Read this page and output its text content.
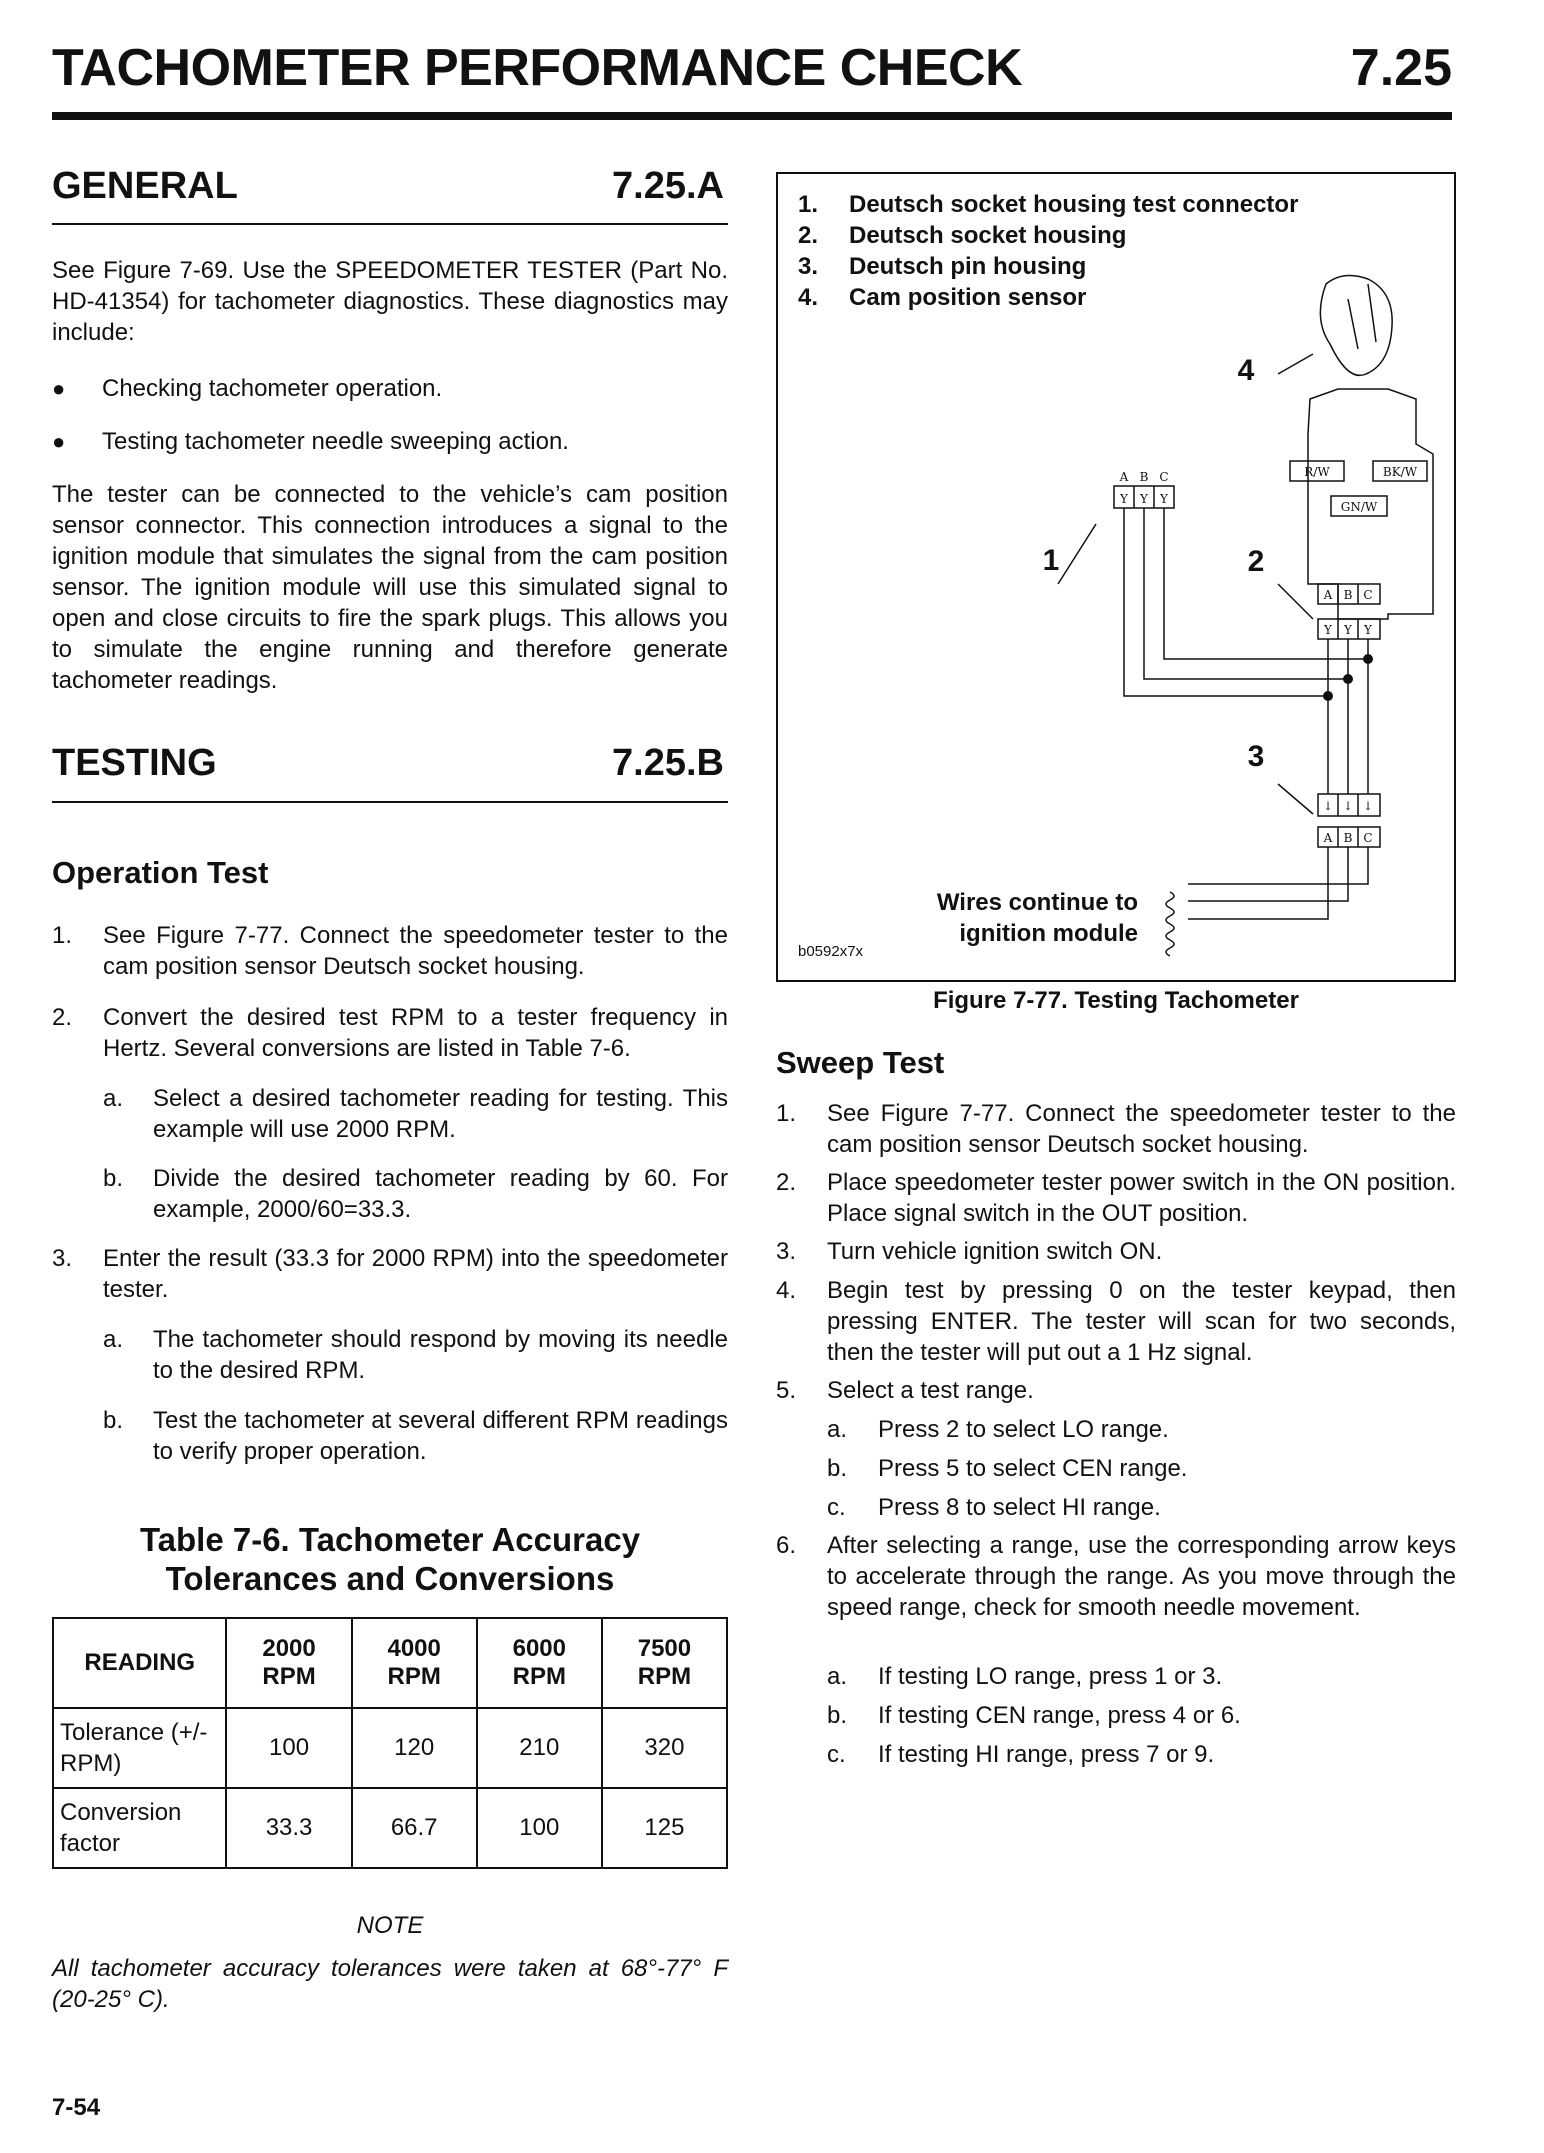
TACHOMETER PERFORMANCE CHECK	7.25
GENERAL	7.25.A
See Figure 7-69. Use the SPEEDOMETER TESTER (Part No. HD-41354) for tachometer diagnostics. These diagnostics may include:
● Checking tachometer operation.
● Testing tachometer needle sweeping action.
The tester can be connected to the vehicle’s cam position sensor connector. This connection introduces a signal to the ignition module that simulates the signal from the cam position sensor. The ignition module will use this simulated signal to open and close circuits to fire the spark plugs. This allows you to simulate the engine running and therefore generate tachometer readings.
TESTING	7.25.B
Operation Test
1. See Figure 7-77. Connect the speedometer tester to the cam position sensor Deutsch socket housing.
2. Convert the desired test RPM to a tester frequency in Hertz. Several conversions are listed in Table 7-6.
a. Select a desired tachometer reading for testing. This example will use 2000 RPM.
b. Divide the desired tachometer reading by 60. For example, 2000/60=33.3.
3. Enter the result (33.3 for 2000 RPM) into the speedometer tester.
a. The tachometer should respond by moving its needle to the desired RPM.
b. Test the tachometer at several different RPM readings to verify proper operation.
Table 7-6. Tachometer Accuracy
Tolerances and Conversions
READING	2000 RPM	4000 RPM	6000 RPM	7500 RPM
Tolerance (+/- RPM)	100	120	210	320
Conversion factor	33.3	66.7	100	125
NOTE
All tachometer accuracy tolerances were taken at 68°-77° F (20-25° C).
7-54
1. Deutsch socket housing test connector
2. Deutsch socket housing
3. Deutsch pin housing
4. Cam position sensor
A B C
Y Y Y
A B C
Y Y Y
↓ ↓ ↓
A B C
R/W	BK/W
GN/W
1	2
3
4
Wires continue to
ignition module
b0592x7x
Figure 7-77. Testing Tachometer
Sweep Test
1. See Figure 7-77. Connect the speedometer tester to the cam position sensor Deutsch socket housing.
2. Place speedometer tester power switch in the ON position. Place signal switch in the OUT position.
3. Turn vehicle ignition switch ON.
4. Begin test by pressing 0 on the tester keypad, then pressing ENTER. The tester will scan for two seconds, then the tester will put out a 1 Hz signal.
5. Select a test range.
a. Press 2 to select LO range.
b. Press 5 to select CEN range.
c. Press 8 to select HI range.
6. After selecting a range, use the corresponding arrow keys to accelerate through the range. As you move through the speed range, check for smooth needle movement.
a. If testing LO range, press 1 or 3.
b. If testing CEN range, press 4 or 6.
c. If testing HI range, press 7 or 9.
